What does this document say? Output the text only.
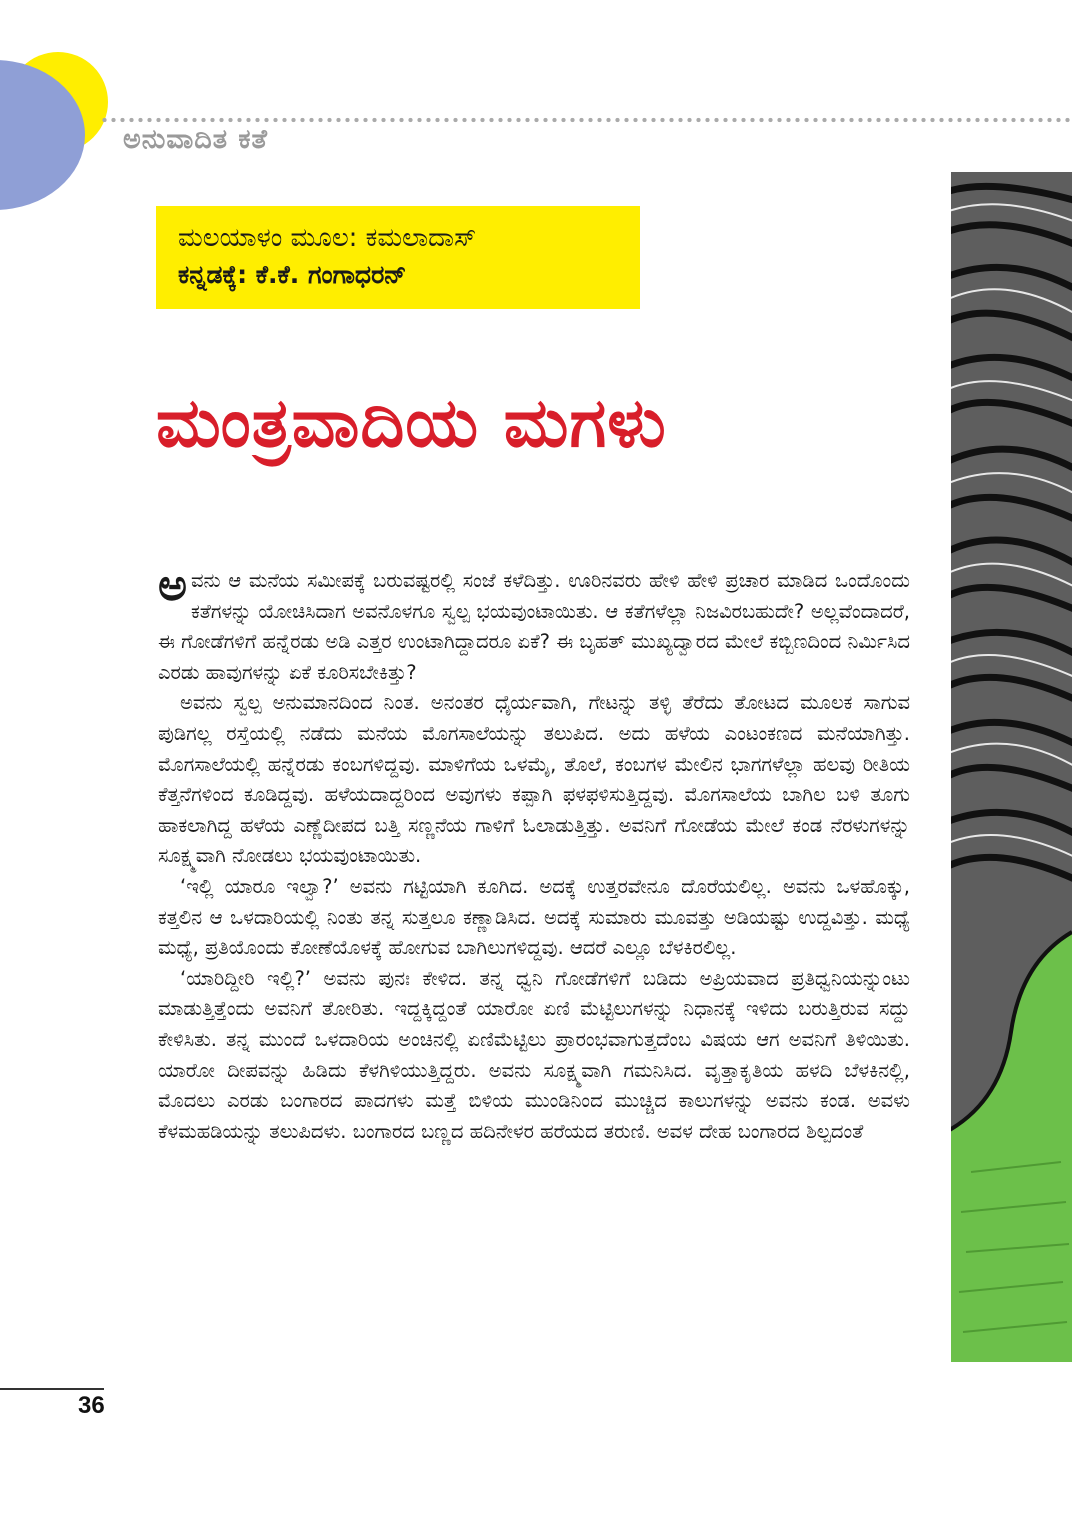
ಅನುವಾದಿತ ಕತೆ
ಮಲಯಾಳಂ ಮೂಲ: ಕಮಲಾದಾಸ್
ಕನ್ನಡಕ್ಕೆ: ಕೆ.ಕೆ. ಗಂಗಾಧರನ್
ಮಂತ್ರವಾದಿಯ ಮಗಳು

ಅವನು ಆ ಮನೆಯ ಸಮೀಪಕ್ಕೆ ಬರುವಷ್ಟರಲ್ಲಿ ಸಂಜೆ ಕಳೆದಿತ್ತು. ಊರಿನವರು ಹೇಳಿ ಹೇಳಿ ಪ್ರಚಾರ ಮಾಡಿದ ಒಂದೊಂದು ಕತೆಗಳನ್ನು ಯೋಚಿಸಿದಾಗ ಅವನೊಳಗೂ ಸ್ವಲ್ಪ ಭಯವುಂಟಾಯಿತು. ಆ ಕತೆಗಳೆಲ್ಲಾ ನಿಜವಿರಬಹುದೇ? ಅಲ್ಲವೆಂದಾದರೆ, ಈ ಗೋಡೆಗಳಿಗೆ ಹನ್ನೆರಡು ಅಡಿ ಎತ್ತರ ಉಂಟಾಗಿದ್ದಾದರೂ ಏಕೆ? ಈ ಬೃಹತ್ ಮುಖ್ಯದ್ವಾರದ ಮೇಲೆ ಕಬ್ಬಿಣದಿಂದ ನಿರ್ಮಿಸಿದ ಎರಡು ಹಾವುಗಳನ್ನು ಏಕೆ ಕೂರಿಸಬೇಕಿತ್ತು?

ಅವನು ಸ್ವಲ್ಪ ಅನುಮಾನದಿಂದ ನಿಂತ. ಅನಂತರ ಧೈರ್ಯವಾಗಿ, ಗೇಟನ್ನು ತಳ್ಳಿ ತೆರೆದು ತೋಟದ ಮೂಲಕ ಸಾಗುವ ಪುಡಿಗಲ್ಲ ರಸ್ತೆಯಲ್ಲಿ ನಡೆದು ಮನೆಯ ಮೊಗಸಾಲೆಯನ್ನು ತಲುಪಿದ. ಅದು ಹಳೆಯ ಎಂಟಂಕಣದ ಮನೆಯಾಗಿತ್ತು. ಮೊಗಸಾಲೆಯಲ್ಲಿ ಹನ್ನೆರಡು ಕಂಬಗಳಿದ್ದವು. ಮಾಳಿಗೆಯ ಒಳಮೈ, ತೊಲೆ, ಕಂಬಗಳ ಮೇಲಿನ ಭಾಗಗಳೆಲ್ಲಾ ಹಲವು ರೀತಿಯ ಕೆತ್ತನೆಗಳಿಂದ ಕೂಡಿದ್ದವು. ಹಳೆಯದಾದ್ದರಿಂದ ಅವುಗಳು ಕಪ್ಪಾಗಿ ಫಳಫಳಿಸುತ್ತಿದ್ದವು. ಮೊಗಸಾಲೆಯ ಬಾಗಿಲ ಬಳಿ ತೂಗು ಹಾಕಲಾಗಿದ್ದ ಹಳೆಯ ಎಣ್ಣೆದೀಪದ ಬತ್ತಿ ಸಣ್ಣನೆಯ ಗಾಳಿಗೆ ಓಲಾಡುತ್ತಿತ್ತು. ಅವನಿಗೆ ಗೋಡೆಯ ಮೇಲೆ ಕಂಡ ನೆರಳುಗಳನ್ನು ಸೂಕ್ಷ್ಮವಾಗಿ ನೋಡಲು ಭಯವುಂಟಾಯಿತು.

‘ಇಲ್ಲಿ ಯಾರೂ ಇಲ್ವಾ?’ ಅವನು ಗಟ್ಟಿಯಾಗಿ ಕೂಗಿದ. ಅದಕ್ಕೆ ಉತ್ತರವೇನೂ ದೊರೆಯಲಿಲ್ಲ. ಅವನು ಒಳಹೊಕ್ಕು, ಕತ್ತಲಿನ ಆ ಒಳದಾರಿಯಲ್ಲಿ ನಿಂತು ತನ್ನ ಸುತ್ತಲೂ ಕಣ್ಣಾಡಿಸಿದ. ಅದಕ್ಕೆ ಸುಮಾರು ಮೂವತ್ತು ಅಡಿಯಷ್ಟು ಉದ್ದವಿತ್ತು. ಮಧ್ಯೆ ಮಧ್ಯೆ, ಪ್ರತಿಯೊಂದು ಕೋಣೆಯೊಳಕ್ಕೆ ಹೋಗುವ ಬಾಗಿಲುಗಳಿದ್ದವು. ಆದರೆ ಎಲ್ಲೂ ಬೆಳಕಿರಲಿಲ್ಲ.

‘ಯಾರಿದ್ದೀರಿ ಇಲ್ಲಿ?’ ಅವನು ಪುನಃ ಕೇಳಿದ. ತನ್ನ ಧ್ವನಿ ಗೋಡೆಗಳಿಗೆ ಬಡಿದು ಅಪ್ರಿಯವಾದ ಪ್ರತಿಧ್ವನಿಯನ್ನುಂಟು ಮಾಡುತ್ತಿತ್ತೆಂದು ಅವನಿಗೆ ತೋರಿತು. ಇದ್ದಕ್ಕಿದ್ದಂತೆ ಯಾರೋ ಏಣಿ ಮೆಟ್ಟಿಲುಗಳನ್ನು ನಿಧಾನಕ್ಕೆ ಇಳಿದು ಬರುತ್ತಿರುವ ಸದ್ದು ಕೇಳಿಸಿತು. ತನ್ನ ಮುಂದೆ ಒಳದಾರಿಯ ಅಂಚಿನಲ್ಲಿ ಏಣಿಮೆಟ್ಟಿಲು ಪ್ರಾರಂಭವಾಗುತ್ತದೆಂಬ ವಿಷಯ ಆಗ ಅವನಿಗೆ ತಿಳಿಯಿತು. ಯಾರೋ ದೀಪವನ್ನು ಹಿಡಿದು ಕೆಳಗಿಳಿಯುತ್ತಿದ್ದರು. ಅವನು ಸೂಕ್ಷ್ಮವಾಗಿ ಗಮನಿಸಿದ. ವೃತ್ತಾಕೃತಿಯ ಹಳದಿ ಬೆಳಕಿನಲ್ಲಿ, ಮೊದಲು ಎರಡು ಬಂಗಾರದ ಪಾದಗಳು ಮತ್ತೆ ಬಿಳಿಯ ಮುಂಡಿನಿಂದ ಮುಚ್ಚಿದ ಕಾಲುಗಳನ್ನು ಅವನು ಕಂಡ. ಅವಳು ಕೆಳಮಹಡಿಯನ್ನು ತಲುಪಿದಳು. ಬಂಗಾರದ ಬಣ್ಣದ ಹದಿನೇಳರ ಹರೆಯದ ತರುಣಿ. ಅವಳ ದೇಹ ಬಂಗಾರದ ಶಿಲ್ಪದಂತೆ

36
